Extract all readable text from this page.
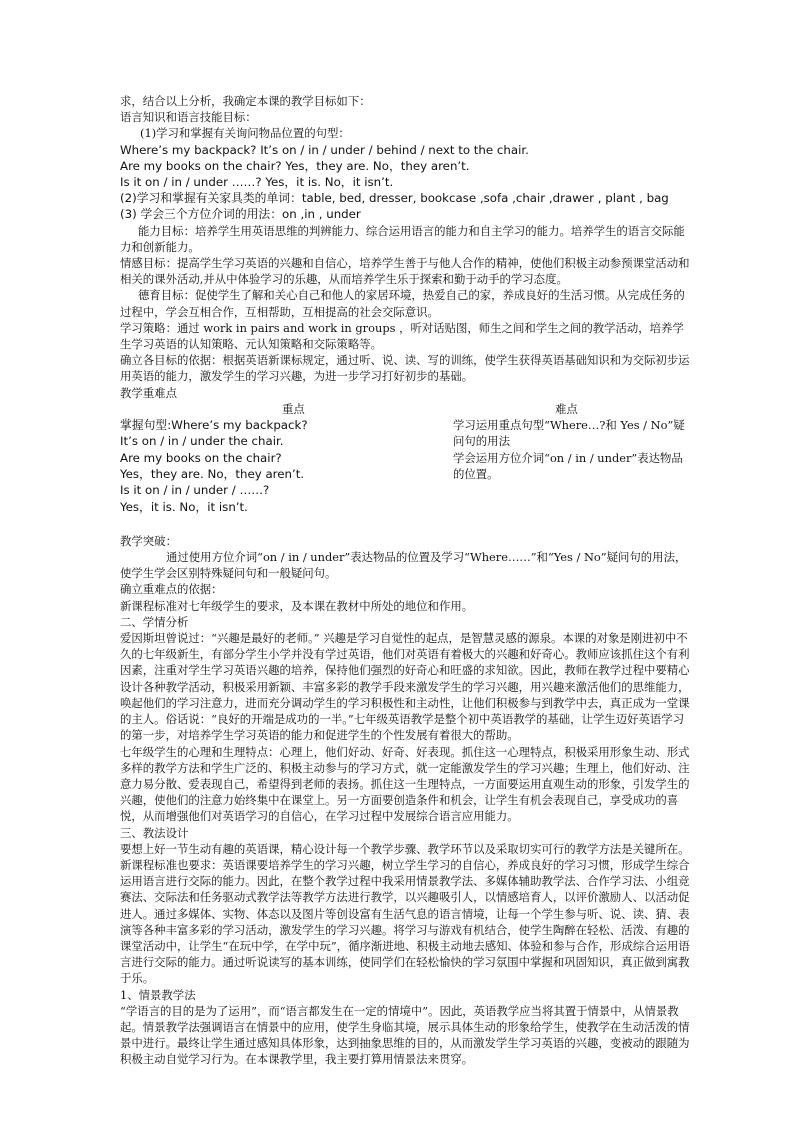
求，结合以上分析，我确定本课的教学目标如下：

语言知识和语言技能目标：

(1)学习和掌握有关询问物品位置的句型：

Where’s my backpack? It’s on / in / under / behind / next to the chair.

Are my books on the chair? Yes，they are. No，they aren’t.

Is it on / in / under ……? Yes，it is. No，it isn’t.

(2)学习和掌握有关家具类的单词：table, bed, dresser, bookcase ,sofa ,chair ,drawer , plant , bag

(3) 学会三个方位介词的用法：on ,in , under

能力目标：培养学生用英语思维的判辨能力、综合运用语言的能力和自主学习的能力。培养学生的语言交际能力和创新能力。

情感目标：提高学生学习英语的兴趣和自信心，培养学生善于与他人合作的精神，使他们积极主动参预课堂活动和相关的课外活动,并从中体验学习的乐趣，从而培养学生乐于探索和勤于动手的学习态度。

德育目标：促使学生了解和关心自己和他人的家居环境，热爱自己的家，养成良好的生活习惯。从完成任务的过程中，学会互相合作，互相帮助，互相提高的社会交际意识。

学习策略：通过 work in pairs and work in groups ，听对话贴图，师生之间和学生之间的教学活动，培养学生学习英语的认知策略、元认知策略和交际策略等。

确立各目标的依据：根据英语新课标规定，通过听、说、读、写的训练，使学生获得英语基础知识和为交际初步运用英语的能力，激发学生的学习兴趣，为进一步学习打好初步的基础。

教学重难点

重点	难点

掌握句型:Where’s my backpack?

It’s on / in / under the chair.

Are my books on the chair?

Yes，they are. No，they aren’t.

Is it on / in / under / ……?

Yes，it is. No，it isn’t.

学习运用重点句型“Where…?和 Yes / No”疑问句的用法

学会运用方位介词“on / in / under”表达物品的位置。

教学突破：

通过使用方位介词“on / in / under”表达物品的位置及学习“Where……”和“Yes / No”疑问句的用法，使学生学会区别特殊疑问句和一般疑问句。

确立重难点的依据：

新课程标准对七年级学生的要求，及本课在教材中所处的地位和作用。

二、学情分析

爱因斯坦曾说过：“兴趣是最好的老师。” 兴趣是学习自觉性的起点，是智慧灵感的源泉。本课的对象是刚进初中不久的七年级新生，有部分学生小学并没有学过英语，他们对英语有着极大的兴趣和好奇心。教师应该抓住这个有利因素，注重对学生学习英语兴趣的培养，保持他们强烈的好奇心和旺盛的求知欲。因此，教师在教学过程中要精心设计各种教学活动，积极采用新颖、丰富多彩的教学手段来激发学生的学习兴趣，用兴趣来激活他们的思维能力，唤起他们的学习注意力，进而充分调动学生的学习积极性和主动性，让他们积极参与到教学中去，真正成为一堂课的主人。俗话说：“良好的开端是成功的一半。”七年级英语教学是整个初中英语教学的基础，让学生迈好英语学习的第一步，对培养学生学习英语的能力和促进学生的个性发展有着很大的帮助。

七年级学生的心理和生理特点：心理上，他们好动、好奇、好表现。抓住这一心理特点，积极采用形象生动、形式多样的教学方法和学生广泛的、积极主动参与的学习方式，就一定能激发学生的学习兴趣；生理上，他们好动、注意力易分散、爱表现自己，希望得到老师的表扬。抓住这一生理特点，一方面要运用直观生动的形象，引发学生的兴趣，使他们的注意力始终集中在课堂上。另一方面要创造条件和机会，让学生有机会表现自己，享受成功的喜悦，从而增强他们对英语学习的自信心，在学习过程中发展综合语言应用能力。

三、教法设计

要想上好一节生动有趣的英语课，精心设计每一个教学步骤、教学环节以及采取切实可行的教学方法是关键所在。新课程标准也要求：英语课要培养学生的学习兴趣，树立学生学习的自信心，养成良好的学习习惯，形成学生综合运用语言进行交际的能力。因此，在整个教学过程中我采用情景教学法、多媒体辅助教学法、合作学习法、小组竞赛法、交际法和任务驱动式教学法等教学方法进行教学，以兴趣吸引人，以情感培育人，以评价激励人、以活动促进人。通过多媒体、实物、体态以及图片等创设富有生活气息的语言情境，让每一个学生参与听、说、读、猜、表演等各种丰富多彩的学习活动，激发学生的学习兴趣。将学习与游戏有机结合，使学生陶醉在轻松、活泼、有趣的课堂活动中，让学生“在玩中学，在学中玩”，循序渐进地、积极主动地去感知、体验和参与合作，形成综合运用语言进行交际的能力。通过听说读写的基本训练，使同学们在轻松愉快的学习氛围中掌握和巩固知识，真正做到寓教于乐。

1、情景教学法

“学语言的目的是为了运用”，而“语言都发生在一定的情境中”。因此，英语教学应当将其置于情景中，从情景教起。情景教学法强调语言在情景中的应用，使学生身临其境，展示具体生动的形象给学生，使教学在生动活泼的情景中进行。最终让学生通过感知具体形象，达到抽象思维的目的，从而激发学生学习英语的兴趣，变被动的跟随为积极主动自觉学习行为。在本课教学里，我主要打算用情景法来贯穿。
